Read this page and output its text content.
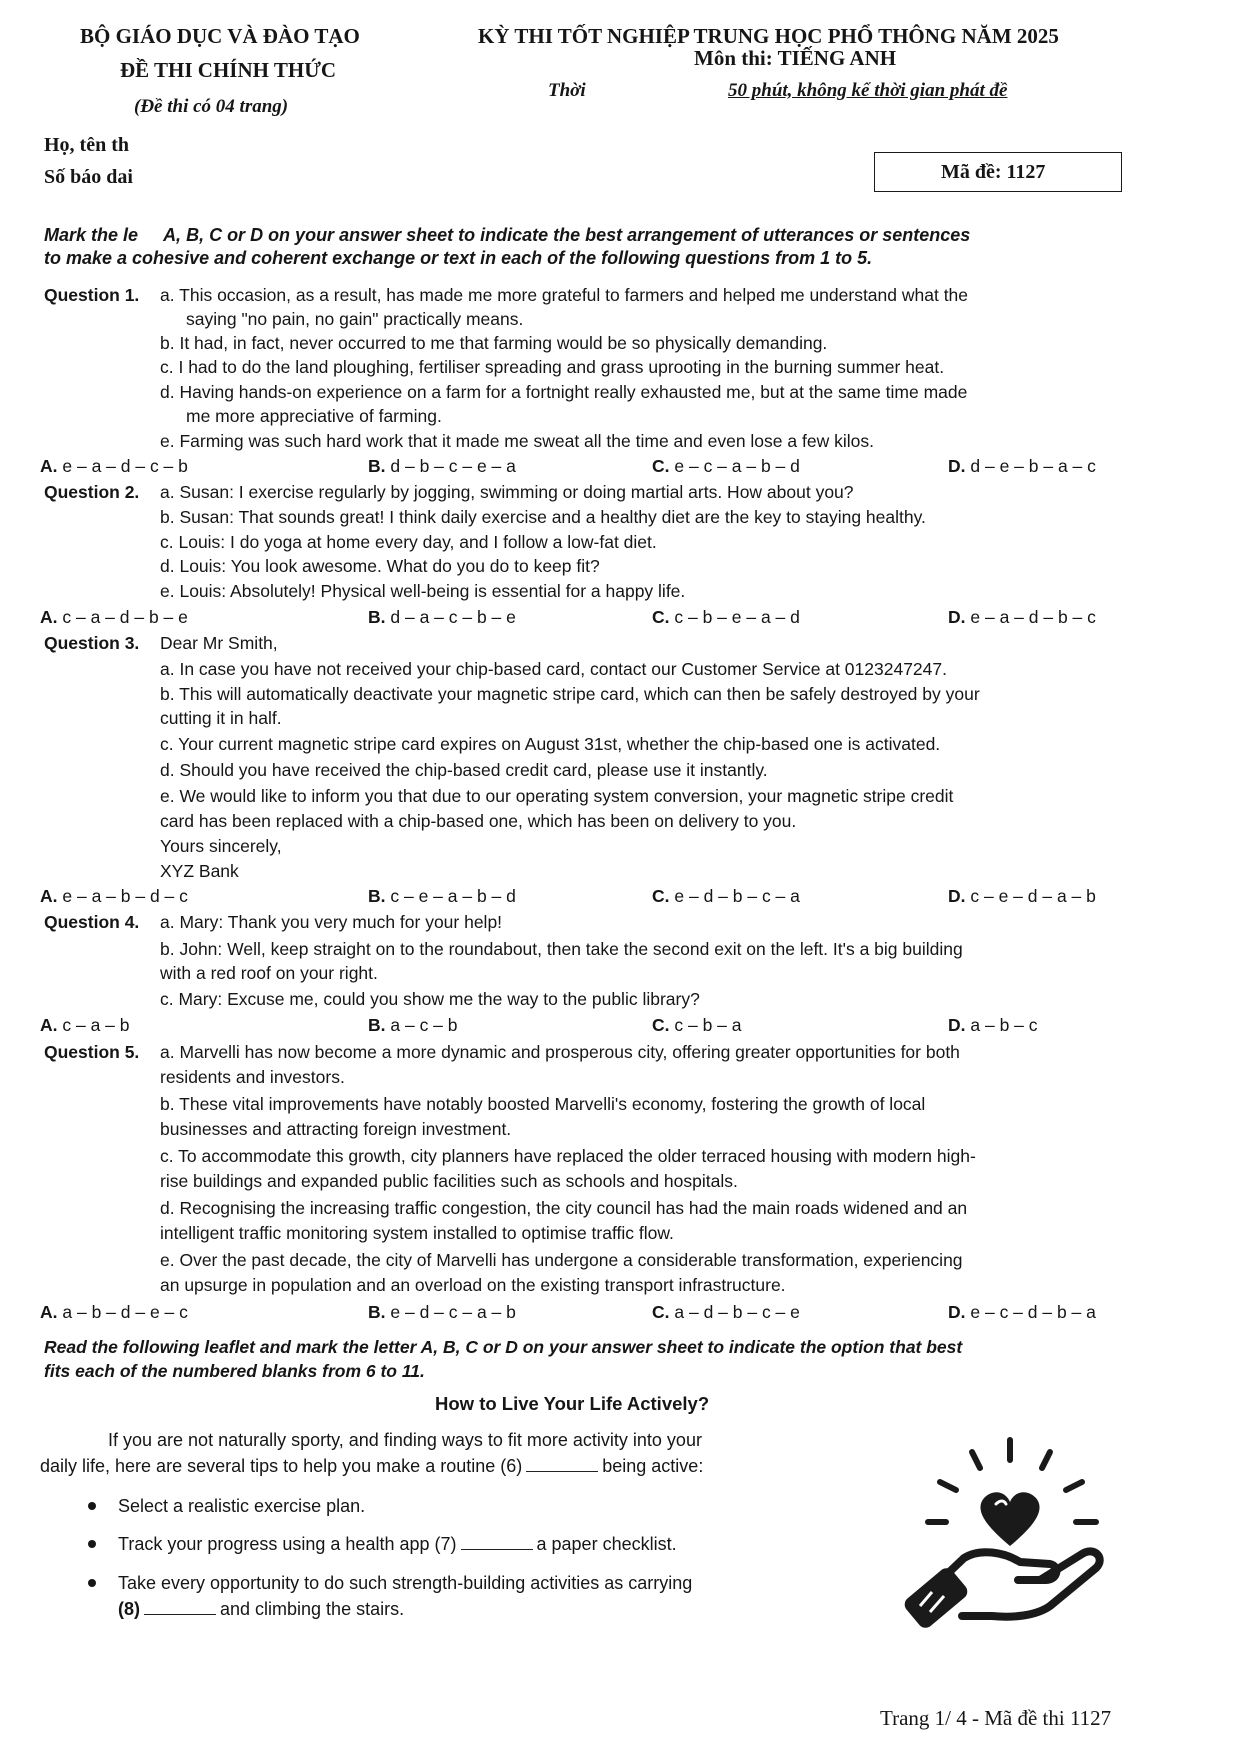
BỘ GIÁO DỤC VÀ ĐÀO TẠO
ĐỀ THI CHÍNH THỨC
(Đề thi có 04 trang)
KỲ THI TỐT NGHIỆP TRUNG HỌC PHỔ THÔNG NĂM 2025
Môn thi: TIẾNG ANH
Thời	50 phút, không kể thời gian phát đề
Họ, tên th
Số báo dai	Mã đề: 1127
Mark the le A, B, C or D on your answer sheet to indicate the best arrangement of utterances or sentences
to make a cohesive and coherent exchange or text in each of the following questions from 1 to 5.
Question 1. a. This occasion, as a result, has made me more grateful to farmers and helped me understand what the
saying "no pain, no gain" practically means.
b. It had, in fact, never occurred to me that farming would be so physically demanding.
c. I had to do the land ploughing, fertiliser spreading and grass uprooting in the burning summer heat.
d. Having hands-on experience on a farm for a fortnight really exhausted me, but at the same time made
me more appreciative of farming.
e. Farming was such hard work that it made me sweat all the time and even lose a few kilos.
A. e – a – d – c – b	B. d – b – c – e – a	C. e – c – a – b – d	D. d – e – b – a – c
Question 2. a. Susan: I exercise regularly by jogging, swimming or doing martial arts. How about you?
b. Susan: That sounds great! I think daily exercise and a healthy diet are the key to staying healthy.
c. Louis: I do yoga at home every day, and I follow a low-fat diet.
d. Louis: You look awesome. What do you do to keep fit?
e. Louis: Absolutely! Physical well-being is essential for a happy life.
A. c – a – d – b – e	B. d – a – c – b – e	C. c – b – e – a – d	D. e – a – d – b – c
Question 3. Dear Mr Smith,
a. In case you have not received your chip-based card, contact our Customer Service at 0123247247.
b. This will automatically deactivate your magnetic stripe card, which can then be safely destroyed by your
cutting it in half.
c. Your current magnetic stripe card expires on August 31st, whether the chip-based one is activated.
d. Should you have received the chip-based credit card, please use it instantly.
e. We would like to inform you that due to our operating system conversion, your magnetic stripe credit
card has been replaced with a chip-based one, which has been on delivery to you.
Yours sincerely,
XYZ Bank
A. e – a – b – d – c	B. c – e – a – b – d	C. e – d – b – c – a	D. c – e – d – a – b
Question 4. a. Mary: Thank you very much for your help!
b. John: Well, keep straight on to the roundabout, then take the second exit on the left. It's a big building
with a red roof on your right.
c. Mary: Excuse me, could you show me the way to the public library?
A. c – a – b	B. a – c – b	C. c – b – a	D. a – b – c
Question 5. a. Marvelli has now become a more dynamic and prosperous city, offering greater opportunities for both
residents and investors.
b. These vital improvements have notably boosted Marvelli's economy, fostering the growth of local
businesses and attracting foreign investment.
c. To accommodate this growth, city planners have replaced the older terraced housing with modern high-
rise buildings and expanded public facilities such as schools and hospitals.
d. Recognising the increasing traffic congestion, the city council has had the main roads widened and an
intelligent traffic monitoring system installed to optimise traffic flow.
e. Over the past decade, the city of Marvelli has undergone a considerable transformation, experiencing
an upsurge in population and an overload on the existing transport infrastructure.
A. a – b – d – e – c	B. e – d – c – a – b	C. a – d – b – c – e	D. e – c – d – b – a
Read the following leaflet and mark the letter A, B, C or D on your answer sheet to indicate the option that best
fits each of the numbered blanks from 6 to 11.
How to Live Your Life Actively?
If you are not naturally sporty, and finding ways to fit more activity into your
daily life, here are several tips to help you make a routine (6)	being active:
Select a realistic exercise plan.
Track your progress using a health app (7)	a paper checklist.
Take every opportunity to do such strength-building activities as carrying
(8)	and climbing the stairs.
Trang 1/ 4 - Mã đề thi 1127
